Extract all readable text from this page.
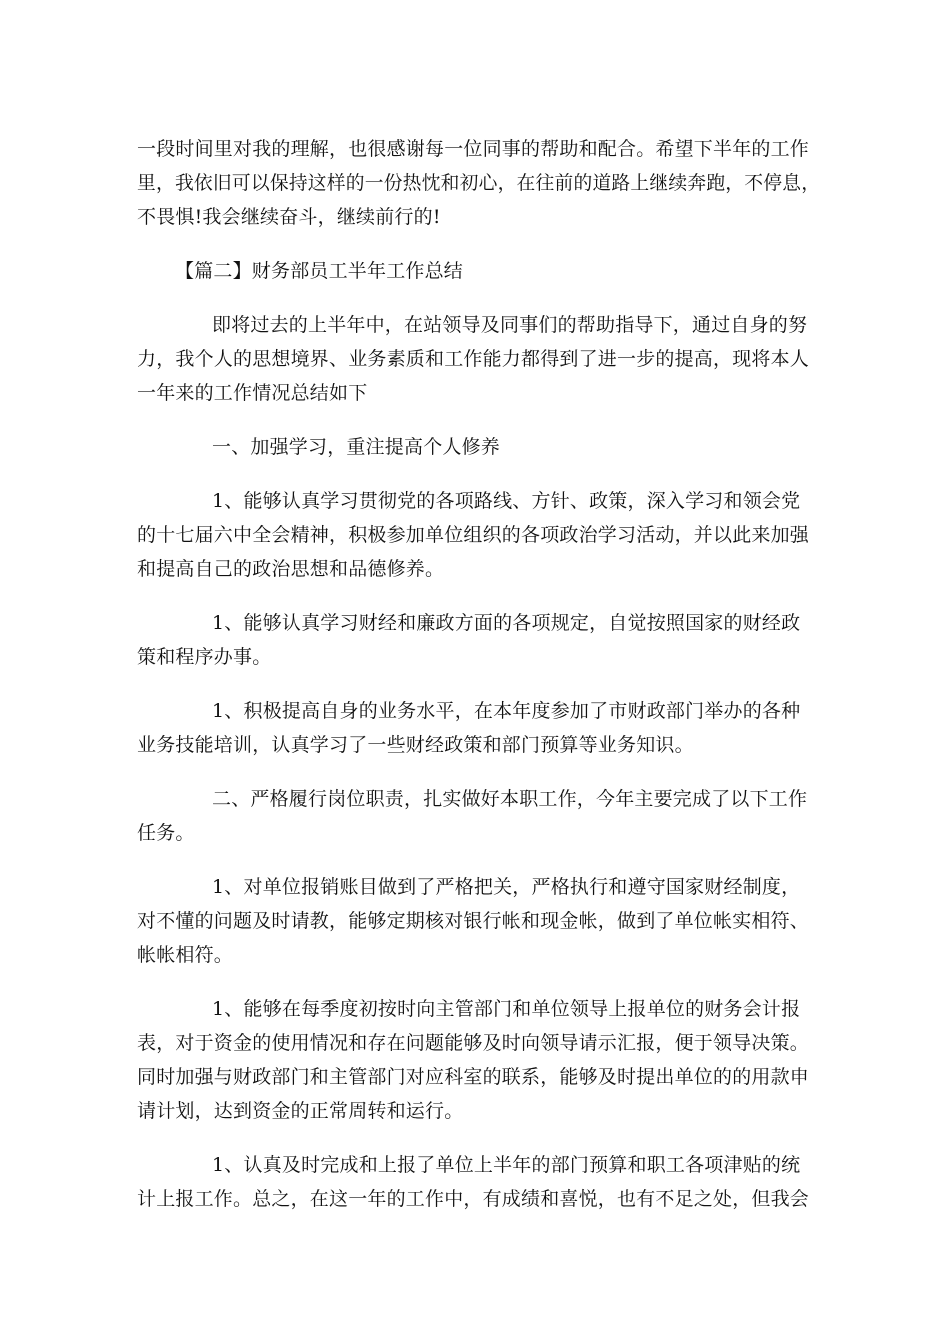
一段时间里对我的理解，也很感谢每一位同事的帮助和配合。希望下半年的工作
里，我依旧可以保持这样的一份热忱和初心，在往前的道路上继续奔跑，不停息，
不畏惧!我会继续奋斗，继续前行的!
【篇二】财务部员工半年工作总结
即将过去的上半年中，在站领导及同事们的帮助指导下，通过自身的努
力，我个人的思想境界、业务素质和工作能力都得到了进一步的提高，现将本人
一年来的工作情况总结如下
一、加强学习，重注提高个人修养
1、能够认真学习贯彻党的各项路线、方针、政策，深入学习和领会党
的十七届六中全会精神，积极参加单位组织的各项政治学习活动，并以此来加强
和提高自己的政治思想和品德修养。
1、能够认真学习财经和廉政方面的各项规定，自觉按照国家的财经政
策和程序办事。
1、积极提高自身的业务水平，在本年度参加了市财政部门举办的各种
业务技能培训，认真学习了一些财经政策和部门预算等业务知识。
二、严格履行岗位职责，扎实做好本职工作，今年主要完成了以下工作
任务。
1、对单位报销账目做到了严格把关，严格执行和遵守国家财经制度，
对不懂的问题及时请教，能够定期核对银行帐和现金帐，做到了单位帐实相符、
帐帐相符。
1、能够在每季度初按时向主管部门和单位领导上报单位的财务会计报
表，对于资金的使用情况和存在问题能够及时向领导请示汇报，便于领导决策。
同时加强与财政部门和主管部门对应科室的联系，能够及时提出单位的的用款申
请计划，达到资金的正常周转和运行。
1、认真及时完成和上报了单位上半年的部门预算和职工各项津贴的统
计上报工作。总之，在这一年的工作中，有成绩和喜悦，也有不足之处，但我会
